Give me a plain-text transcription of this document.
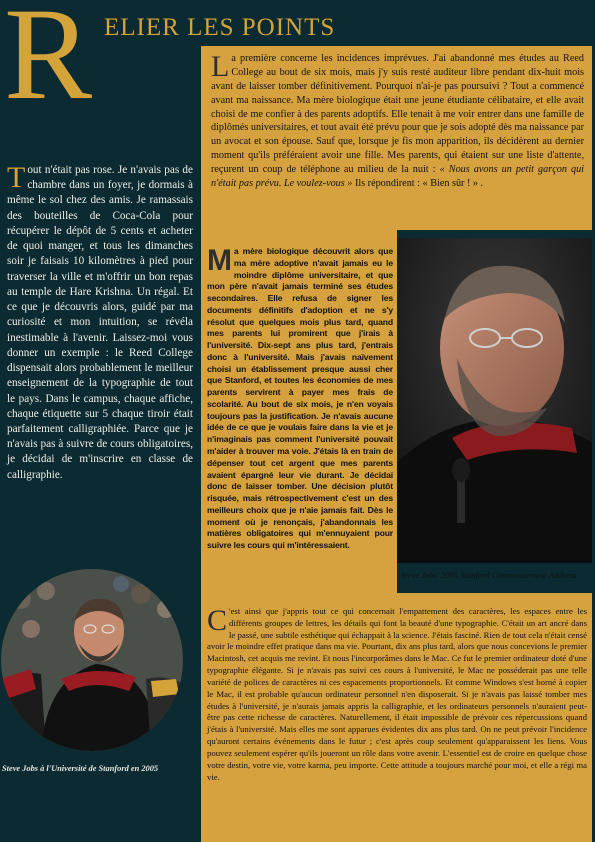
R ELIER LES POINTS
T out n'était pas rose. Je n'avais pas de chambre dans un foyer, je dormais à même le sol chez des amis. Je ramassais des bouteilles de Coca-Cola pour récupérer le dépôt de 5 cents et acheter de quoi manger, et tous les dimanches soir je faisais 10 kilomètres à pied pour traverser la ville et m'offrir un bon repas au temple de Hare Krishna. Un régal. Et ce que je découvris alors, guidé par ma curiosité et mon intuition, se révéla inestimable à l'avenir. Laissez-moi vous donner un exemple : le Reed College dispensait alors probablement le meilleur enseignement de la typographie de tout le pays. Dans le campus, chaque affiche, chaque étiquette sur 5 chaque tiroir était parfaitement calligraphiée. Parce que je n'avais pas à suivre de cours obligatoires, je décidai de m'inscrire en classe de calligraphie.
L a première concerne les incidences imprévues. J'ai abandonné mes études au Reed College au bout de six mois, mais j'y suis resté auditeur libre pendant dix-huit mois avant de laisser tomber définitivement. Pourquoi n'ai-je pas poursuivi ? Tout a commencé avant ma naissance. Ma mère biologique était une jeune étudiante célibataire, et elle avait choisi de me confier à des parents adoptifs. Elle tenait à me voir entrer dans une famille de diplômés universitaires, et tout avait été prévu pour que je sois adopté dès ma naissance par un avocat et son épouse. Sauf que, lorsque je fis mon apparition, ils décidèrent au dernier moment qu'ils préféraient avoir une fille. Mes parents, qui étaient sur une liste d'attente, reçurent un coup de téléphone au milieu de la nuit : « Nous avons un petit garçon qui n'était pas prévu. Le voulez-vous » Ils répondirent : « Bien sûr ! » .
M a mère biologique découvrit alors que ma mère adoptive n'avait jamais eu le moindre diplôme universitaire, et que mon père n'avait jamais terminé ses études secondaires. Elle refusa de signer les documents définitifs d'adoption et ne s'y résolut que quelques mois plus tard, quand mes parents lui promirent que j'irais à l'université. Dix-sept ans plus tard, j'entrais donc à l'université. Mais j'avais naïvement choisi un établissement presque aussi cher que Stanford, et toutes les économies de mes parents servirent à payer mes frais de scolarité. Au bout de six mois, je n'en voyais toujours pas la justification. Je n'avais aucune idée de ce que je voulais faire dans la vie et je n'imaginais pas comment l'université pouvait m'aider à trouver ma voie. J'étais là en train de dépenser tout cet argent que mes parents avaient épargné leur vie durant. Je décidai donc de laisser tomber. Une décision plutôt risquée, mais rétrospectivement c'est un des meilleurs choix que je n'aie jamais fait. Dès le moment où je renonçais, j'abandonnais les matières obligatoires qui m'ennuyaient pour suivre les cours qui m'intéressaient.
Steve Jobs' 2005 Stanford Commencement Address
C 'est ainsi que j'appris tout ce qui concernait l'empattement des caractères, les espaces entre les différents groupes de lettres, les détails qui font la beauté d'une typographie. C'était un art ancré dans le passé, une subtile esthétique qui échappait à la science. J'étais fasciné. Rien de tout cela n'était censé avoir le moindre effet pratique dans ma vie. Pourtant, dix ans plus tard, alors que nous concevions le premier Macintosh, cet acquis me revint. Et nous l'incorporâmes dans le Mac. Ce fut le premier ordinateur doté d'une typographie élégante. Si je n'avais pas suivi ces cours à l'université, le Mac ne posséderait pas une telle variété de polices de caractères ni ces espacements proportionnels. Et comme Windows s'est borné à copier le Mac, il est probable qu'aucun ordinateur personnel n'en disposerait. Si je n'avais pas laissé tomber mes études à l'université, je n'aurais jamais appris la calligraphie, et les ordinateurs personnels n'auraient peut-être pas cette richesse de caractères. Naturellement, il était impossible de prévoir ces répercussions quand j'étais à l'université. Mais elles me sont apparues évidentes dix ans plus tard. On ne peut prévoir l'incidence qu'auront certains événements dans le futur ; c'est après coup seulement qu'apparaissent les liens. Vous pouvez seulement espérer qu'ils joueront un rôle dans votre avenir. L'essentiel est de croire en quelque chose votre destin, votre vie, votre karma, peu importe. Cette attitude a toujours marché pour moi, et elle a régi ma vie.
Steve Jobs à l'Université de Stanford en 2005
